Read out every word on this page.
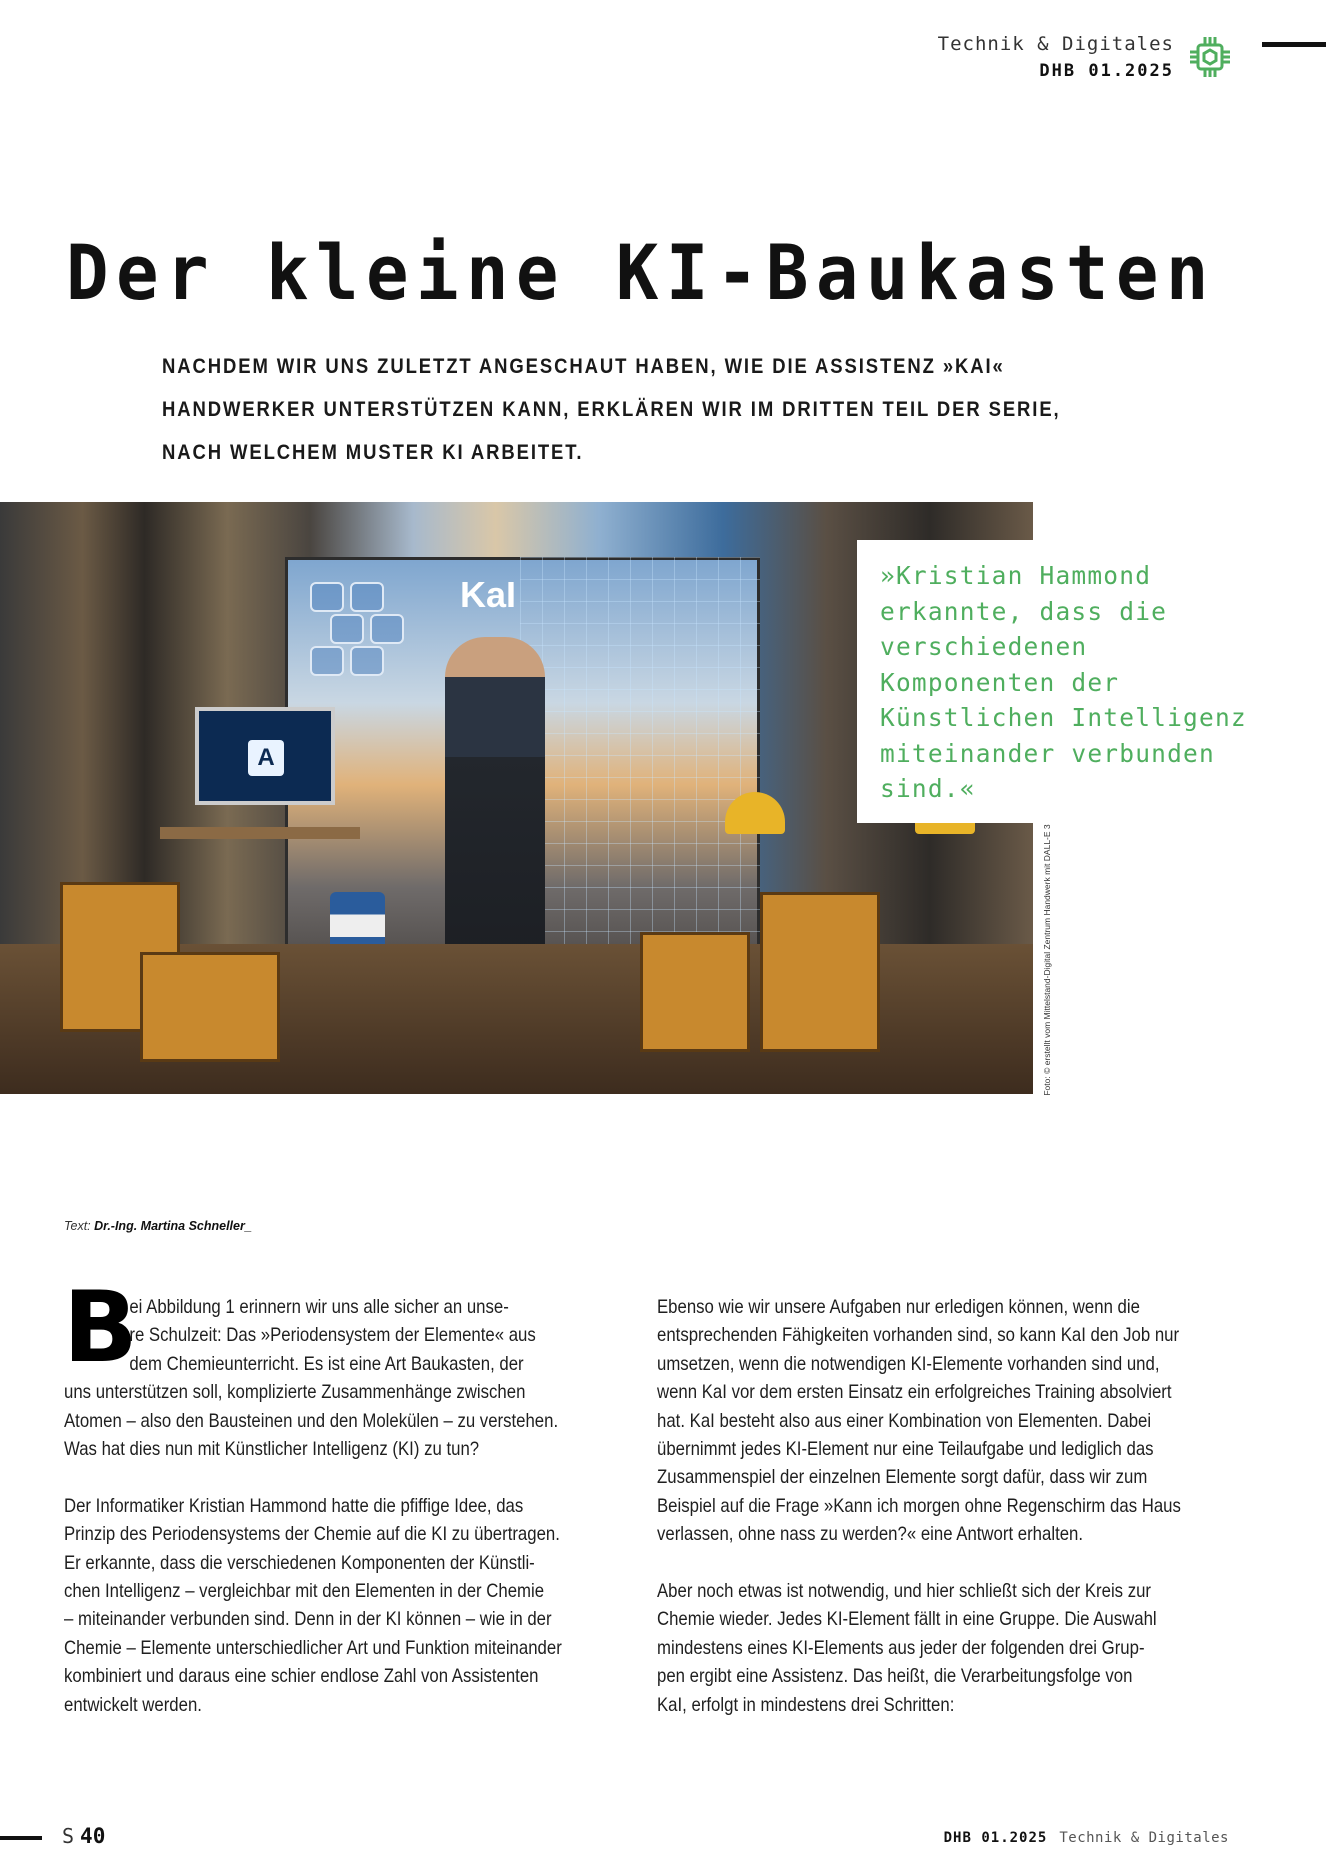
Technik & Digitales
DHB 01.2025
Der kleine KI-Baukasten
NACHDEM WIR UNS ZULETZT ANGESCHAUT HABEN, WIE DIE ASSISTENZ »KAI«
HANDWERKER UNTERSTÜTZEN KANN, ERKLÄREN WIR IM DRITTEN TEIL DER SERIE,
NACH WELCHEM MUSTER KI ARBEITET.
KaI
A
Foto: © erstellt vom Mittelstand-Digital Zentrum Handwerk mit DALL-E 3
»Kristian Hammond
erkannte, dass die
verschiedenen
Komponenten der
Künstlichen Intelligenz
miteinander verbunden
sind.«
Text: Dr.-Ing. Martina Schneller_
B
ei Abbildung 1 erinnern wir uns alle sicher an unse-
re Schulzeit: Das »Periodensystem der Elemente« aus
dem Chemieunterricht. Es ist eine Art Baukasten, der
uns unterstützen soll, komplizierte Zusammenhänge zwischen
Atomen – also den Bausteinen und den Molekülen – zu verstehen.
Was hat dies nun mit Künstlicher Intelligenz (KI) zu tun?
Der Informatiker Kristian Hammond hatte die pfiffige Idee, das
Prinzip des Periodensystems der Chemie auf die KI zu übertragen.
Er erkannte, dass die verschiedenen Komponenten der Künstli-
chen Intelligenz – vergleichbar mit den Elementen in der Chemie
– miteinander verbunden sind. Denn in der KI können – wie in der
Chemie – Elemente unterschiedlicher Art und Funktion miteinander
kombiniert und daraus eine schier endlose Zahl von Assistenten
entwickelt werden.
Ebenso wie wir unsere Aufgaben nur erledigen können, wenn die
entsprechenden Fähigkeiten vorhanden sind, so kann KaI den Job nur
umsetzen, wenn die notwendigen KI-Elemente vorhanden sind und,
wenn KaI vor dem ersten Einsatz ein erfolgreiches Training absolviert
hat. KaI besteht also aus einer Kombination von Elementen. Dabei
übernimmt jedes KI-Element nur eine Teilaufgabe und lediglich das
Zusammenspiel der einzelnen Elemente sorgt dafür, dass wir zum
Beispiel auf die Frage »Kann ich morgen ohne Regenschirm das Haus
verlassen, ohne nass zu werden?« eine Antwort erhalten.
Aber noch etwas ist notwendig, und hier schließt sich der Kreis zur
Chemie wieder. Jedes KI-Element fällt in eine Gruppe. Die Auswahl
mindestens eines KI-Elements aus jeder der folgenden drei Grup-
pen ergibt eine Assistenz. Das heißt, die Verarbeitungsfolge von
KaI, erfolgt in mindestens drei Schritten:
S 40	DHB 01.2025 Technik & Digitales
